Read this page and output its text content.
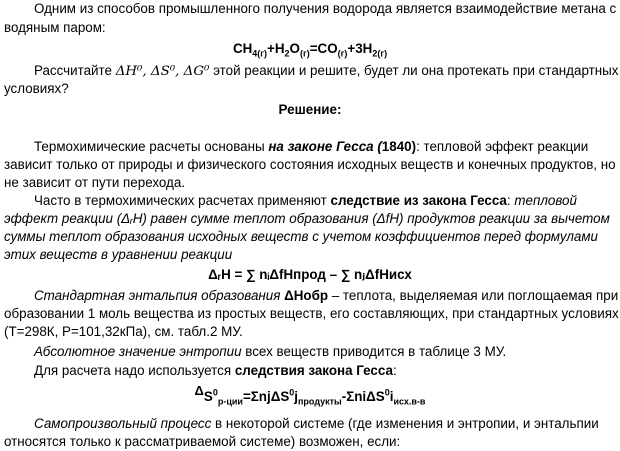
Одним из способов промышленного получения водорода является взаимодействие метана с
водяным паром:
$CH_{4(г)}+H_2O_{(г)}=CO_{(г)}+3H_{2(г)}$
Рассчитайте ΔH⁰, ΔS⁰, ΔG⁰ этой реакции и решите, будет ли она протекать при стандартных
условиях?
Решение:
Термохимические расчеты основаны на законе Гесса (1840): тепловой эффект реакции
зависит только от природы и физического состояния исходных веществ и конечных продуктов, но
не зависит от пути перехода.
Часто в термохимических расчетах применяют следствие из закона Гесса: тепловой
эффект реакции (ΔᵣH) равен сумме теплот образования (ΔfH) продуктов реакции за вычетом
суммы теплот образования исходных веществ с учетом коэффициентов перед формулами
этих веществ в уравнении реакции
ΔᵣH = ∑ nᵢΔfHпрод – ∑ nⱼΔfHисх
Стандартная энтальпия образования ΔHобр – теплота, выделяемая или поглощаемая при
образовании 1 моль вещества из простых веществ, его составляющих, при стандартных условиях
(Т=298К, Р=101,32кПа), см. табл.2 МУ.
Абсолютное значение энтропии всех веществ приводится в таблице 3 МУ.
Для расчета надо используется следствия закона Гесса:
$\Delta S^0_{р-ции}=\Sigma nj\Delta S^0j_{продукты}-\Sigma ni\Delta S^0i_{исх.в-в}$
Самопроизвольный процесс в некоторой системе (где изменения и энтропии, и энтальпии
относятся только к рассматриваемой системе) возможен, если:
